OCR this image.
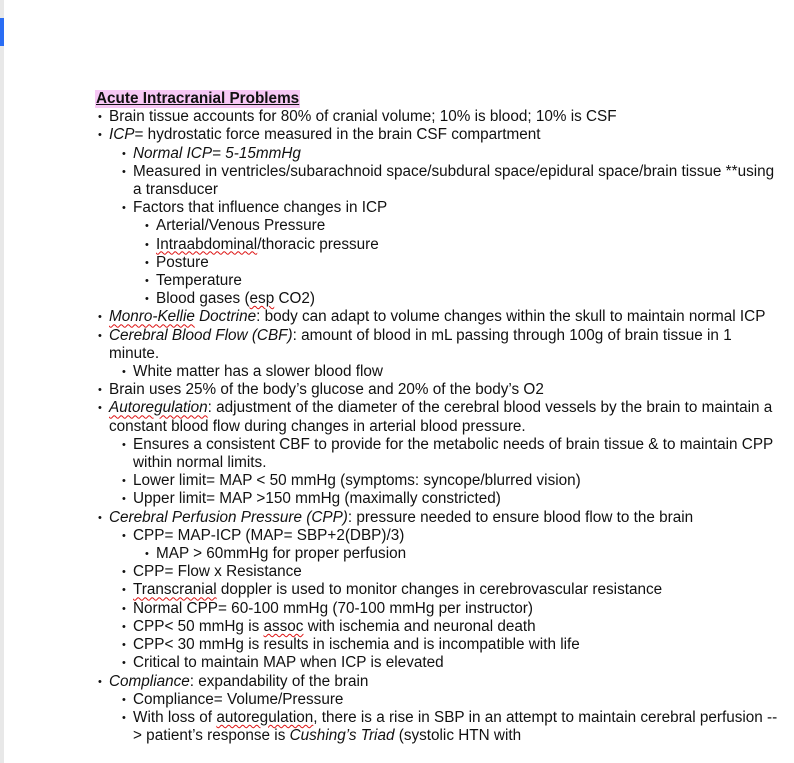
Acute Intracranial Problems
• Brain tissue accounts for 80% of cranial volume; 10% is blood; 10% is CSF
• ICP= hydrostatic force measured in the brain CSF compartment
• Normal ICP= 5-15mmHg
• Measured in ventricles/subarachnoid space/subdural space/epidural space/brain tissue **using a transducer
• Factors that influence changes in ICP
• Arterial/Venous Pressure
• Intraabdominal/thoracic pressure
• Posture
• Temperature
• Blood gases (esp CO2)
• Monro-Kellie Doctrine: body can adapt to volume changes within the skull to maintain normal ICP
• Cerebral Blood Flow (CBF): amount of blood in mL passing through 100g of brain tissue in 1 minute.
• White matter has a slower blood flow
• Brain uses 25% of the body’s glucose and 20% of the body’s O2
• Autoregulation: adjustment of the diameter of the cerebral blood vessels by the brain to maintain a constant blood flow during changes in arterial blood pressure.
• Ensures a consistent CBF to provide for the metabolic needs of brain tissue & to maintain CPP within normal limits.
• Lower limit= MAP < 50 mmHg (symptoms: syncope/blurred vision)
• Upper limit= MAP >150 mmHg (maximally constricted)
• Cerebral Perfusion Pressure (CPP): pressure needed to ensure blood flow to the brain
• CPP= MAP-ICP (MAP= SBP+2(DBP)/3)
• MAP > 60mmHg for proper perfusion
• CPP= Flow x Resistance
• Transcranial doppler is used to monitor changes in cerebrovascular resistance
• Normal CPP= 60-100 mmHg (70-100 mmHg per instructor)
• CPP< 50 mmHg is assoc with ischemia and neuronal death
• CPP< 30 mmHg is results in ischemia and is incompatible with life
• Critical to maintain MAP when ICP is elevated
• Compliance: expandability of the brain
• Compliance= Volume/Pressure
• With loss of autoregulation, there is a rise in SBP in an attempt to maintain cerebral perfusion --> patient’s response is Cushing’s Triad (systolic HTN with
